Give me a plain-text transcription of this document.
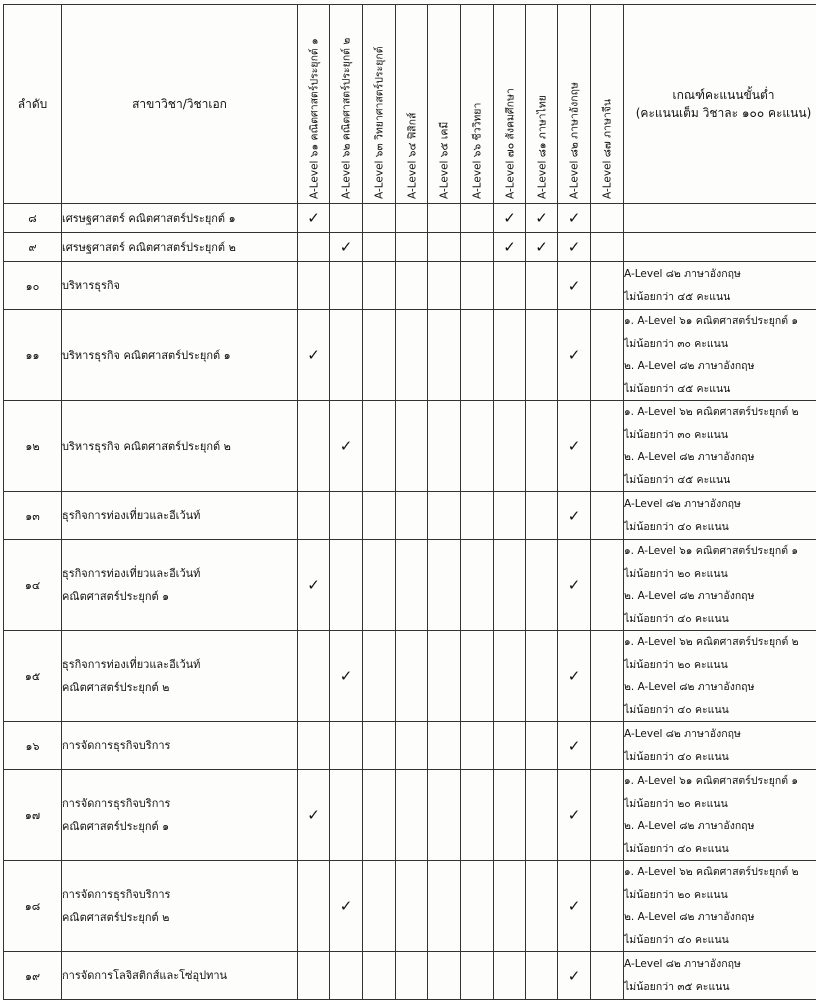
ลำดับ	สาขาวิชา/วิชาเอก	A-Level ๖๑ คณิตศาสตร์ประยุกต์ ๑	A-Level ๖๒ คณิตศาสตร์ประยุกต์ ๒	A-Level ๖๓ วิทยาศาสตร์ประยุกต์	A-Level ๖๔ ฟิสิกส์	A-Level ๖๕ เคมี	A-Level ๖๖ ชีววิทยา	A-Level ๗๐ สังคมศึกษา	A-Level ๘๑ ภาษาไทย	A-Level ๘๒ ภาษาอังกฤษ	A-Level ๘๗ ภาษาจีน	เกณฑ์คะแนนขั้นต่ำ
(คะแนนเต็ม วิชาละ ๑๐๐ คะแนน)

๘	เศรษฐศาสตร์ คณิตศาสตร์ประยุกต์ ๑	✓						✓	✓	✓		
๙	เศรษฐศาสตร์ คณิตศาสตร์ประยุกต์ ๒		✓					✓	✓	✓		
๑๐	บริหารธุรกิจ									✓		A-Level ๘๒ ภาษาอังกฤษ
ไม่น้อยกว่า ๔๕ คะแนน

๑๑	บริหารธุรกิจ คณิตศาสตร์ประยุกต์ ๑	✓								✓		๑. A-Level ๖๑ คณิตศาสตร์ประยุกต์ ๑
ไม่น้อยกว่า ๓๐ คะแนน
๒. A-Level ๘๒ ภาษาอังกฤษ
ไม่น้อยกว่า ๔๕ คะแนน

๑๒	บริหารธุรกิจ คณิตศาสตร์ประยุกต์ ๒		✓							✓		๑. A-Level ๖๒ คณิตศาสตร์ประยุกต์ ๒
ไม่น้อยกว่า ๓๐ คะแนน
๒. A-Level ๘๒ ภาษาอังกฤษ
ไม่น้อยกว่า ๔๕ คะแนน

๑๓	ธุรกิจการท่องเที่ยวและอีเว้นท์									✓		A-Level ๘๒ ภาษาอังกฤษ
ไม่น้อยกว่า ๔๐ คะแนน

๑๔	ธุรกิจการท่องเที่ยวและอีเว้นท์
คณิตศาสตร์ประยุกต์ ๑	✓								✓		๑. A-Level ๖๑ คณิตศาสตร์ประยุกต์ ๑
ไม่น้อยกว่า ๒๐ คะแนน
๒. A-Level ๘๒ ภาษาอังกฤษ
ไม่น้อยกว่า ๔๐ คะแนน

๑๕	ธุรกิจการท่องเที่ยวและอีเว้นท์
คณิตศาสตร์ประยุกต์ ๒		✓							✓		๑. A-Level ๖๒ คณิตศาสตร์ประยุกต์ ๒
ไม่น้อยกว่า ๒๐ คะแนน
๒. A-Level ๘๒ ภาษาอังกฤษ
ไม่น้อยกว่า ๔๐ คะแนน

๑๖	การจัดการธุรกิจบริการ									✓		A-Level ๘๒ ภาษาอังกฤษ
ไม่น้อยกว่า ๔๐ คะแนน

๑๗	การจัดการธุรกิจบริการ
คณิตศาสตร์ประยุกต์ ๑	✓								✓		๑. A-Level ๖๑ คณิตศาสตร์ประยุกต์ ๑
ไม่น้อยกว่า ๒๐ คะแนน
๒. A-Level ๘๒ ภาษาอังกฤษ
ไม่น้อยกว่า ๔๐ คะแนน

๑๘	การจัดการธุรกิจบริการ
คณิตศาสตร์ประยุกต์ ๒		✓							✓		๑. A-Level ๖๒ คณิตศาสตร์ประยุกต์ ๒
ไม่น้อยกว่า ๒๐ คะแนน
๒. A-Level ๘๒ ภาษาอังกฤษ
ไม่น้อยกว่า ๔๐ คะแนน

๑๙	การจัดการโลจิสติกส์และโซ่อุปทาน									✓		A-Level ๘๒ ภาษาอังกฤษ
ไม่น้อยกว่า ๓๕ คะแนน
